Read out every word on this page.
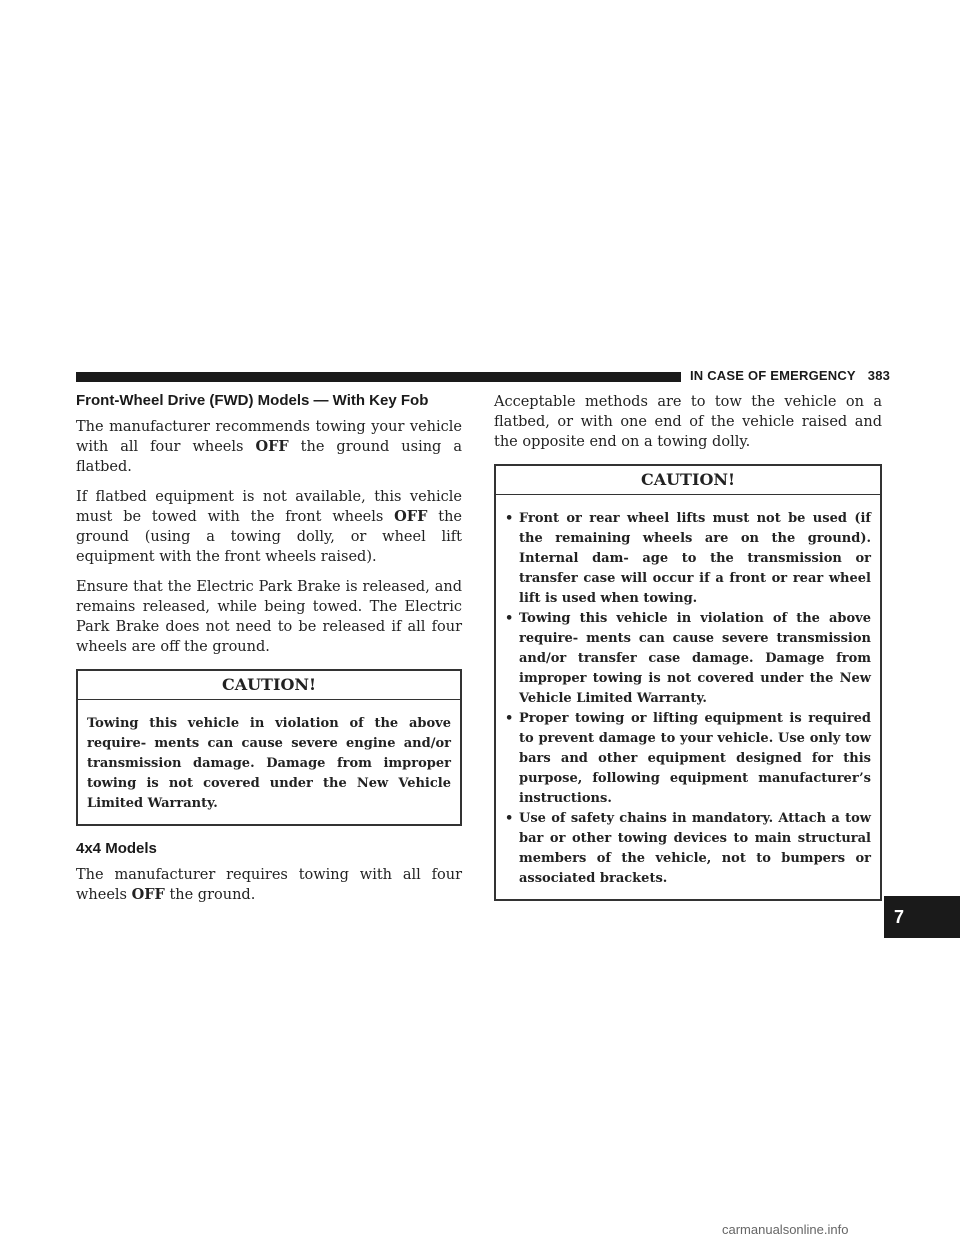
IN CASE OF EMERGENCY 383
Front-Wheel Drive (FWD) Models — With Key Fob

The manufacturer recommends towing your vehicle with all four wheels OFF the ground using a flatbed.

If flatbed equipment is not available, this vehicle must be towed with the front wheels OFF the ground (using a towing dolly, or wheel lift equipment with the front wheels raised).

Ensure that the Electric Park Brake is released, and remains released, while being towed. The Electric Park Brake does not need to be released if all four wheels are off the ground.

CAUTION!

Towing this vehicle in violation of the above require- ments can cause severe engine and/or transmission damage. Damage from improper towing is not covered under the New Vehicle Limited Warranty.

4x4 Models

The manufacturer requires towing with all four wheels OFF the ground.

Acceptable methods are to tow the vehicle on a flatbed, or with one end of the vehicle raised and the opposite end on a towing dolly.

CAUTION!
• Front or rear wheel lifts must not be used (if the remaining wheels are on the ground). Internal dam- age to the transmission or transfer case will occur if a front or rear wheel lift is used when towing.
• Towing this vehicle in violation of the above require- ments can cause severe transmission and/or transfer case damage. Damage from improper towing is not covered under the New Vehicle Limited Warranty.
• Proper towing or lifting equipment is required to prevent damage to your vehicle. Use only tow bars and other equipment designed for this purpose, following equipment manufacturer’s instructions.
• Use of safety chains in mandatory. Attach a tow bar or other towing devices to main structural members of the vehicle, not to bumpers or associated brackets.
7
carmanualsonline.info
